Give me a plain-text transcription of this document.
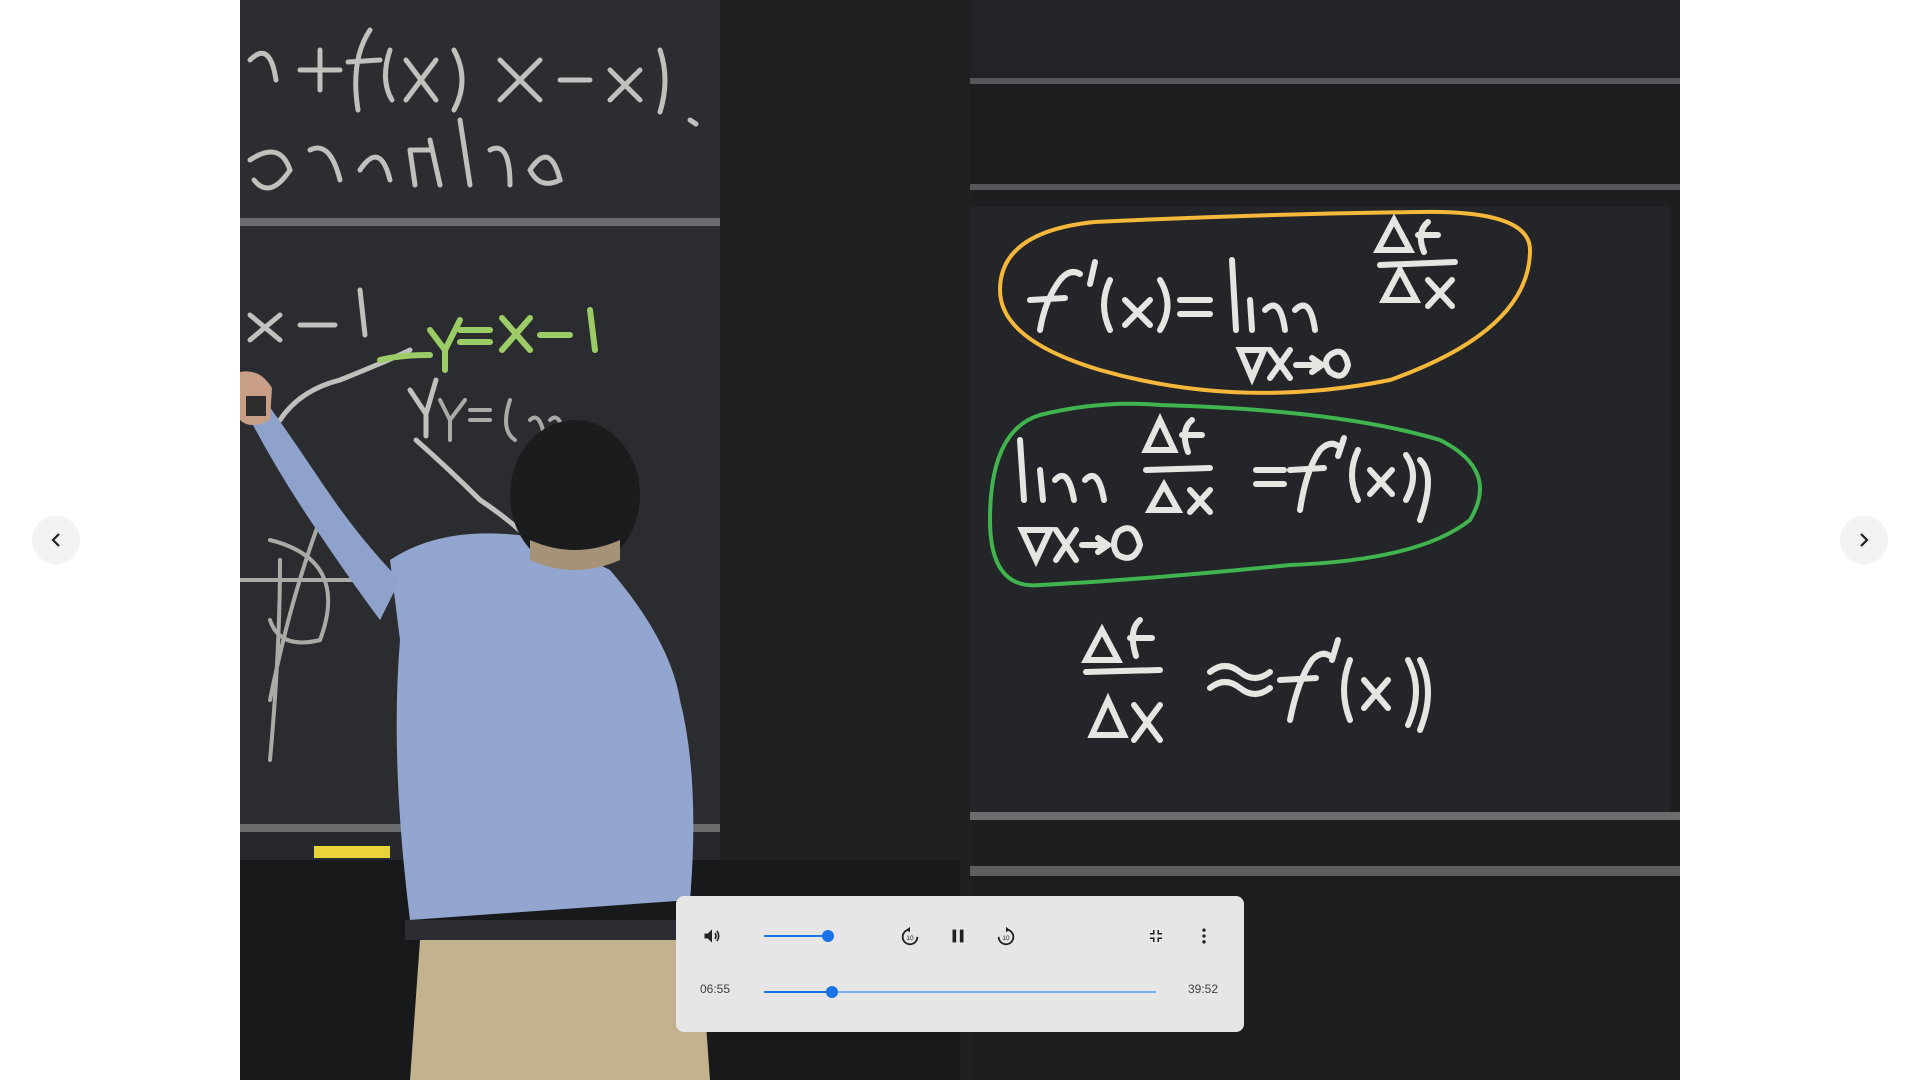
10	10
06:55	39:52
